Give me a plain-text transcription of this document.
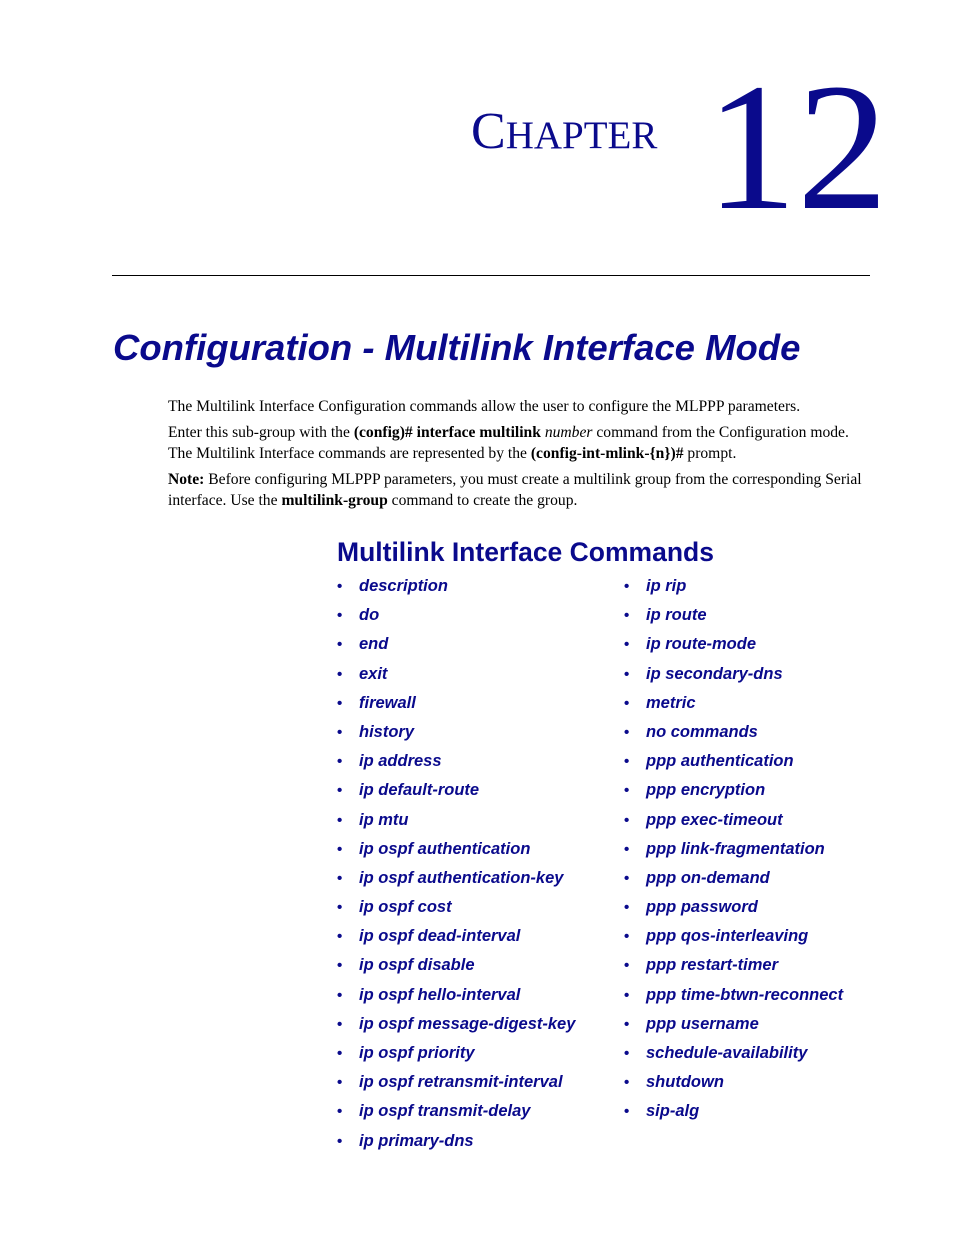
CHAPTER 12
Configuration - Multilink Interface Mode

The Multilink Interface Configuration commands allow the user to configure the MLPPP parameters.

Enter this sub-group with the (config)# interface multilink number command from the Configuration mode. The Multilink Interface commands are represented by the (config-int-mlink-{n})# prompt.

Note: Before configuring MLPPP parameters, you must create a multilink group from the corresponding Serial interface. Use the multilink-group command to create the group.

Multilink Interface Commands
• description
• do
• end
• exit
• firewall
• history
• ip address
• ip default-route
• ip mtu
• ip ospf authentication
• ip ospf authentication-key
• ip ospf cost
• ip ospf dead-interval
• ip ospf disable
• ip ospf hello-interval
• ip ospf message-digest-key
• ip ospf priority
• ip ospf retransmit-interval
• ip ospf transmit-delay
• ip primary-dns
• ip rip
• ip route
• ip route-mode
• ip secondary-dns
• metric
• no commands
• ppp authentication
• ppp encryption
• ppp exec-timeout
• ppp link-fragmentation
• ppp on-demand
• ppp password
• ppp qos-interleaving
• ppp restart-timer
• ppp time-btwn-reconnect
• ppp username
• schedule-availability
• shutdown
• sip-alg
